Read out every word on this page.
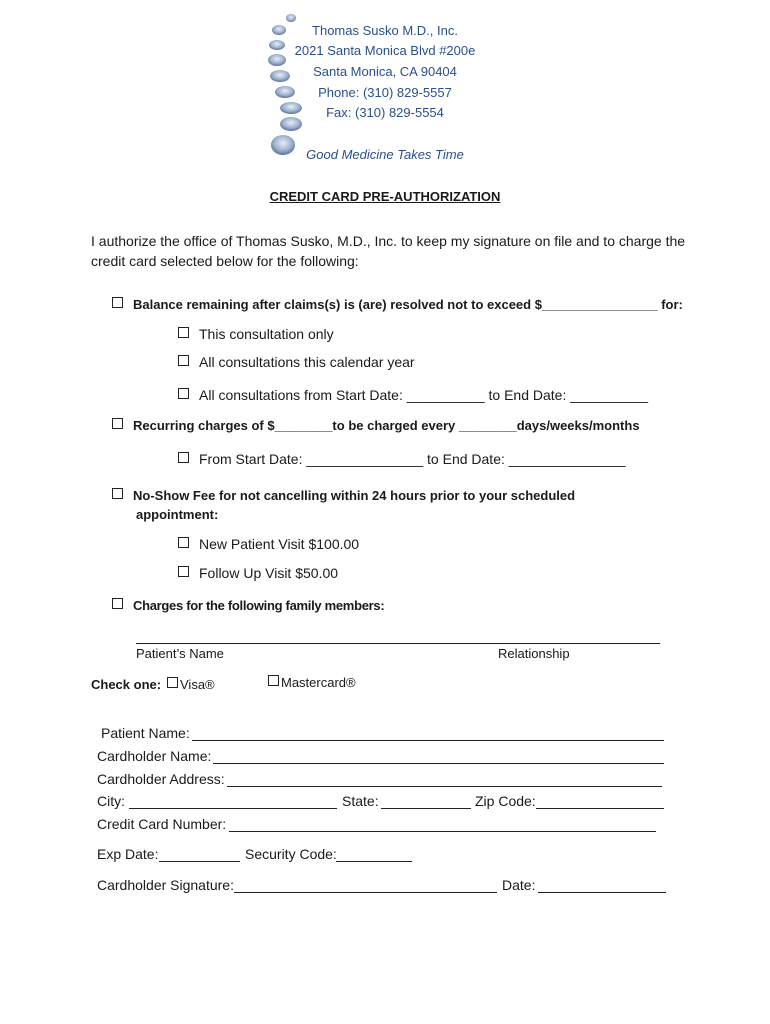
Thomas Susko M.D., Inc.
2021 Santa Monica Blvd #200e
Santa Monica, CA 90404
Phone: (310) 829-5557
Fax: (310) 829-5554
Good Medicine Takes Time
CREDIT CARD PRE-AUTHORIZATION
I authorize the office of Thomas Susko, M.D., Inc. to keep my signature on file and to charge the credit card selected below for the following:
Balance remaining after claims(s) is (are) resolved not to exceed $________________ for:
This consultation only
All consultations this calendar year
All consultations from Start Date: __________ to End Date: __________
Recurring charges of $________to be charged every ________days/weeks/months
From Start Date: _______________ to End Date: _______________
No-Show Fee for not cancelling within 24 hours prior to your scheduled
appointment:
New Patient Visit $100.00
Follow Up Visit $50.00
Charges for the following family members:
Patient’s Name	Relationship
Check one:	Visa®	Mastercard®
Patient Name:
Cardholder Name:
Cardholder Address:
City:	State:	Zip Code:
Credit Card Number:
Exp Date:	Security Code:
Cardholder Signature:	Date:
